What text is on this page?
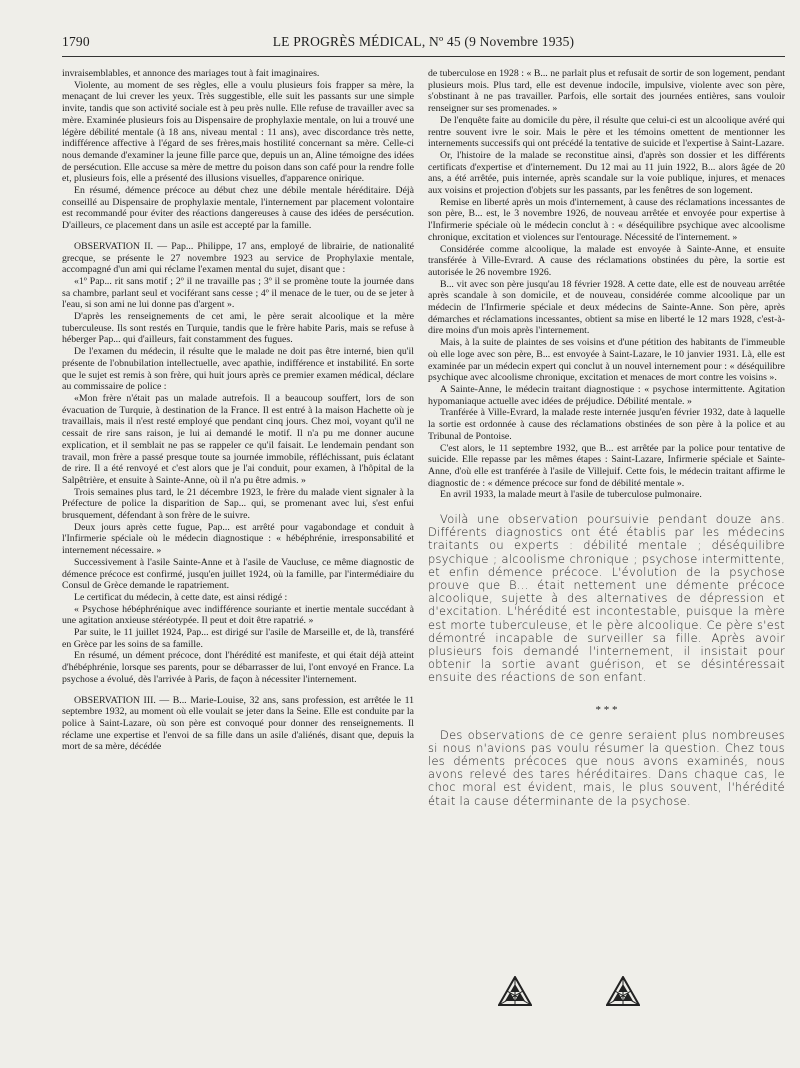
1790	LE PROGRÈS MÉDICAL, Nº 45 (9 Novembre 1935)

invraisemblables, et annonce des mariages tout à fait imaginaires.

Violente, au moment de ses règles, elle a voulu plusieurs fois frapper sa mère, la menaçant de lui crever les yeux. Très suggestible, elle suit les passants sur une simple invite, tandis que son activité sociale est à peu près nulle. Elle refuse de travailler avec sa mère. Examinée plusieurs fois au Dispensaire de prophylaxie mentale, on lui a trouvé une légère débilité mentale (à 18 ans, niveau mental : 11 ans), avec discordance très nette, indifférence affective à l'égard de ses frères,mais hostilité concernant sa mère. Celle-ci nous demande d'examiner la jeune fille parce que, depuis un an, Aline témoigne des idées de persécution. Elle accuse sa mère de mettre du poison dans son café pour la rendre folle et, plusieurs fois, elle a présenté des illusions visuelles, d'apparence onirique.

En résumé, démence précoce au début chez une débile mentale héréditaire. Déjà conseillé au Dispensaire de prophylaxie mentale, l'internement par placement volontaire est recommandé pour éviter des réactions dangereuses à cause des idées de persécution. D'ailleurs, ce placement dans un asile est accepté par la famille.

OBSERVATION II. — Pap... Philippe, 17 ans, employé de librairie, de nationalité grecque, se présente le 27 novembre 1923 au service de Prophylaxie mentale, accompagné d'un ami qui réclame l'examen mental du sujet, disant que :

«1º Pap... rit sans motif ; 2º il ne travaille pas ; 3º il se promène toute la journée dans sa chambre, parlant seul et vociférant sans cesse ; 4º il menace de le tuer, ou de se jeter à l'eau, si son ami ne lui donne pas d'argent ».

D'après les renseignements de cet ami, le père serait alcoolique et la mère tuberculeuse. Ils sont restés en Turquie, tandis que le frère habite Paris, mais se refuse à héberger Pap... qui d'ailleurs, fait constamment des fugues.

De l'examen du médecin, il résulte que le malade ne doit pas être interné, bien qu'il présente de l'obnubilation intellectuelle, avec apathie, indifférence et instabilité. En sorte que le sujet est remis à son frère, qui huit jours après ce premier examen médical, déclare au commissaire de police :

«Mon frère n'était pas un malade autrefois. Il a beaucoup souffert, lors de son évacuation de Turquie, à destination de la France. Il est entré à la maison Hachette où je travaillais, mais il n'est resté employé que pendant cinq jours. Chez moi, voyant qu'il ne cessait de rire sans raison, je lui ai demandé le motif. Il n'a pu me donner aucune explication, et il semblait ne pas se rappeler ce qu'il faisait. Le lendemain pendant son travail, mon frère a passé presque toute sa journée immobile, réfléchissant, puis éclatant de rire. Il a été renvoyé et c'est alors que je l'ai conduit, pour examen, à l'hôpital de la Salpêtrière, et ensuite à Sainte-Anne, où il n'a pu être admis. »

Trois semaines plus tard, le 21 décembre 1923, le frère du malade vient signaler à la Préfecture de police la disparition de Sap... qui, se promenant avec lui, s'est enfui brusquement, défendant à son frère de le suivre.

Deux jours après cette fugue, Pap... est arrêté pour vagabondage et conduit à l'Infirmerie spéciale où le médecin diagnostique : « hébéphrénie, irresponsabilité et internement nécessaire. »

Successivement à l'asile Sainte-Anne et à l'asile de Vaucluse, ce même diagnostic de démence précoce est confirmé, jusqu'en juillet 1924, où la famille, par l'intermédiaire du Consul de Grèce demande le rapatriement.

Le certificat du médecin, à cette date, est ainsi rédigé :

« Psychose hébéphrénique avec indifférence souriante et inertie mentale succédant à une agitation anxieuse stéréotypée. Il peut et doit être rapatrié. »

Par suite, le 11 juillet 1924, Pap... est dirigé sur l'asile de Marseille et, de là, transféré en Grèce par les soins de sa famille.

En résumé, un dément précoce, dont l'hérédité est manifeste, et qui était déjà atteint d'hébéphrénie, lorsque ses parents, pour se débarrasser de lui, l'ont envoyé en France. La psychose a évolué, dès l'arrivée à Paris, de façon à nécessiter l'internement.

OBSERVATION III. — B... Marie-Louise, 32 ans, sans profession, est arrêtée le 11 septembre 1932, au moment où elle voulait se jeter dans la Seine. Elle est conduite par la police à Saint-Lazare, où son père est convoqué pour donner des renseignements. Il réclame une expertise et l'envoi de sa fille dans un asile d'aliénés, disant que, depuis la mort de sa mère, décédée

de tuberculose en 1928 : « B... ne parlait plus et refusait de sortir de son logement, pendant plusieurs mois. Plus tard, elle est devenue indocile, impulsive, violente avec son père, s'obstinant à ne pas travailler. Parfois, elle sortait des journées entières, sans vouloir renseigner sur ses promenades. »

De l'enquête faite au domicile du père, il résulte que celui-ci est un alcoolique avéré qui rentre souvent ivre le soir. Mais le père et les témoins omettent de mentionner les internements successifs qui ont précédé la tentative de suicide et l'expertise à Saint-Lazare.

Or, l'histoire de la malade se reconstitue ainsi, d'après son dossier et les différents certificats d'expertise et d'internement. Du 12 mai au 11 juin 1922, B... alors âgée de 20 ans, a été arrêtée, puis internée, après scandale sur la voie publique, injures, et menaces aux voisins et projection d'objets sur les passants, par les fenêtres de son logement.

Remise en liberté après un mois d'internement, à cause des réclamations incessantes de son père, B... est, le 3 novembre 1926, de nouveau arrêtée et envoyée pour expertise à l'Infirmerie spéciale où le médecin conclut à : « déséquilibre psychique avec alcoolisme chronique, excitation et violences sur l'entourage. Nécessité de l'internement. »

Considérée comme alcoolique, la malade est envoyée à Sainte-Anne, et ensuite transférée à Ville-Evrard. A cause des réclamations obstinées du père, la sortie est autorisée le 26 novembre 1926.

B... vit avec son père jusqu'au 18 février 1928. A cette date, elle est de nouveau arrêtée après scandale à son domicile, et de nouveau, considérée comme alcoolique par un médecin de l'Infirmerie spéciale et deux médecins de Sainte-Anne. Son père, après démarches et réclamations incessantes, obtient sa mise en liberté le 12 mars 1928, c'est-à-dire moins d'un mois après l'internement.

Mais, à la suite de plaintes de ses voisins et d'une pétition des habitants de l'immeuble où elle loge avec son père, B... est envoyée à Saint-Lazare, le 10 janvier 1931. Là, elle est examinée par un médecin expert qui conclut à un nouvel internement pour : « déséquilibre psychique avec alcoolisme chronique, excitation et menaces de mort contre les voisins ».

A Sainte-Anne, le médecin traitant diagnostique : « psychose intermittente. Agitation hypomaniaque actuelle avec idées de préjudice. Débilité mentale. »

Tranférée à Ville-Evrard, la malade reste internée jusqu'en février 1932, date à laquelle la sortie est ordonnée à cause des réclamations obstinées de son père à la police et au Tribunal de Pontoise.

C'est alors, le 11 septembre 1932, que B... est arrêtée par la police pour tentative de suicide. Elle repasse par les mêmes étapes : Saint-Lazare, Infirmerie spéciale et Sainte-Anne, d'où elle est tranférée à l'asile de Villejuif. Cette fois, le médecin traitant affirme le diagnostic de : « démence précoce sur fond de débilité mentale ».

En avril 1933, la malade meurt à l'asile de tuberculose pulmonaire.

Voilà une observation poursuivie pendant douze ans. Différents diagnostics ont été établis par les médecins traitants ou experts : débilité mentale ; déséquilibre psychique ; alcoolisme chronique ; psychose intermittente, et enfin démence précoce. L'évolution de la psychose prouve que B... était nettement une démente précoce alcoolique, sujette à des alternatives de dépression et d'excitation. L'hérédité est incontestable, puisque la mère est morte tuberculeuse, et le père alcoolique. Ce père s'est démontré incapable de surveiller sa fille. Après avoir plusieurs fois demandé l'internement, il insistait pour obtenir la sortie avant guérison, et se désintéressait ensuite des réactions de son enfant.

* * *

Des observations de ce genre seraient plus nombreuses si nous n'avions pas voulu résumer la question. Chez tous les déments précoces que nous avons examinés, nous avons relevé des tares héréditaires. Dans chaque cas, le choc moral est évident, mais, le plus souvent, l'hérédité était la cause déterminante de la psychose.
